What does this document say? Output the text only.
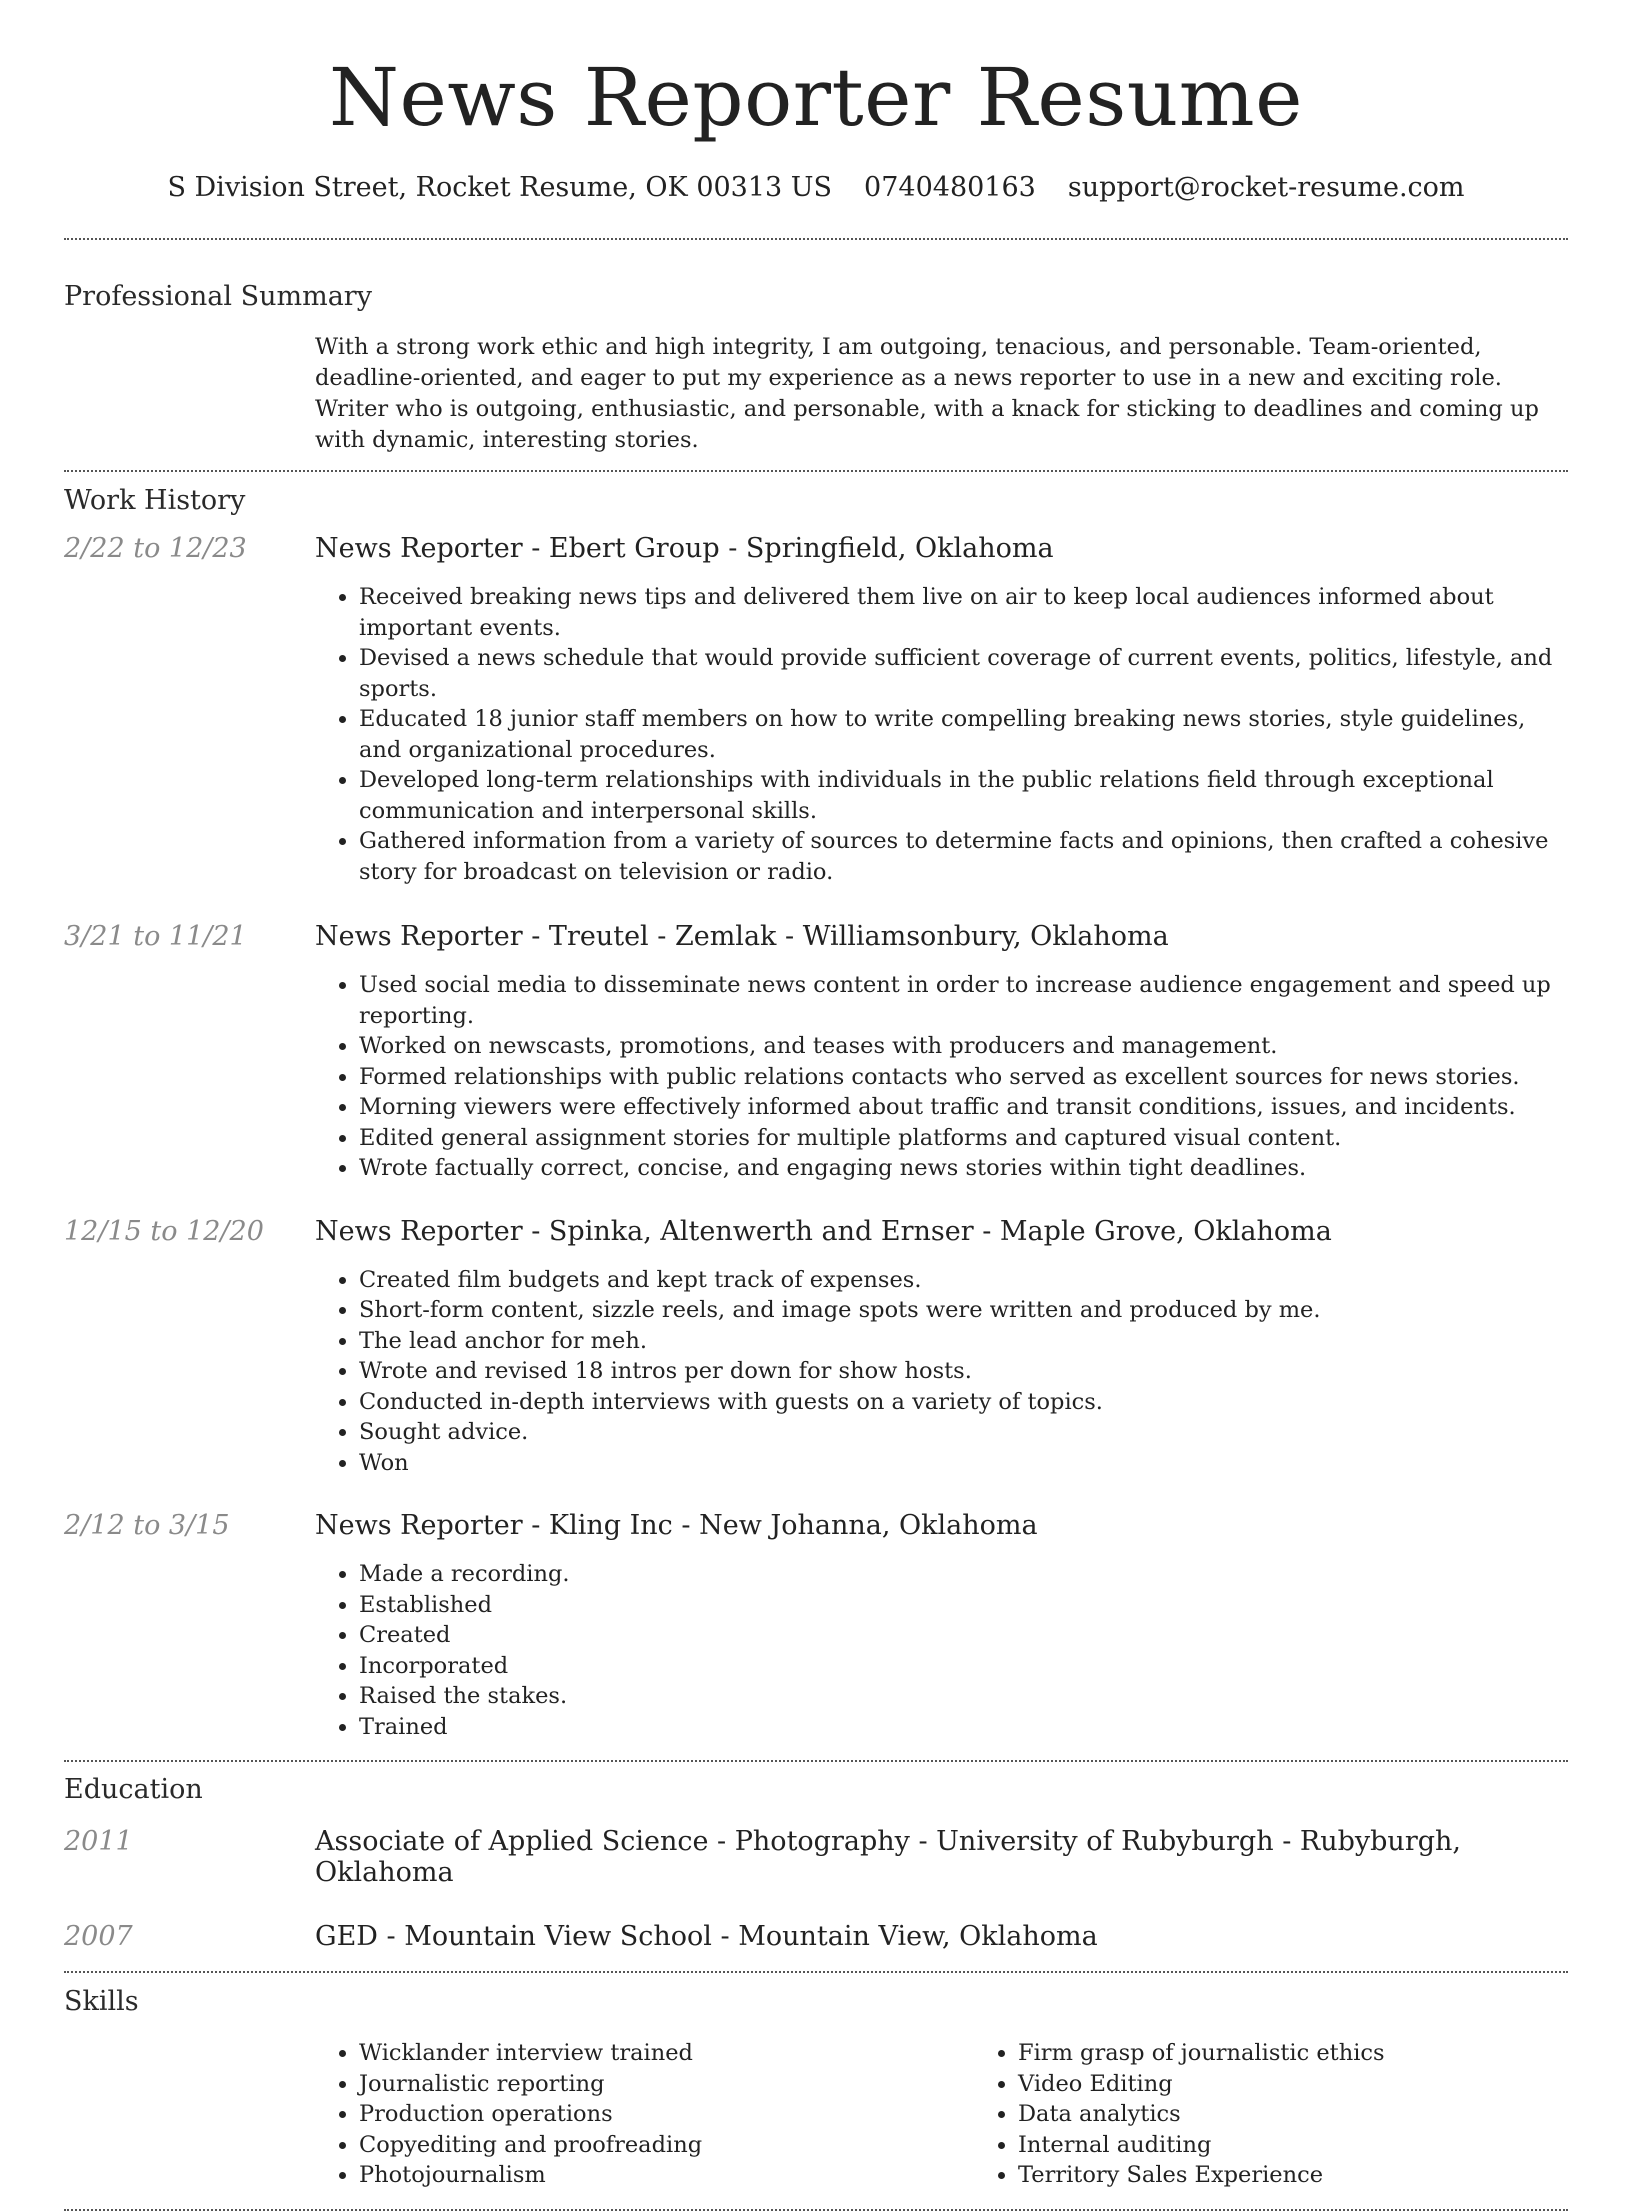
News Reporter Resume
S Division Street, Rocket Resume, OK 00313 US 0740480163 support@rocket-resume.com
Professional Summary

With a strong work ethic and high integrity, I am outgoing, tenacious, and personable. Team-oriented, deadline-oriented, and eager to put my experience as a news reporter to use in a new and exciting role. Writer who is outgoing, enthusiastic, and personable, with a knack for sticking to deadlines and coming up with dynamic, interesting stories.

Work History
2/22 to 12/23	News Reporter - Ebert Group - Springfield, Oklahoma

• Received breaking news tips and delivered them live on air to keep local audiences informed about important events.
• Devised a news schedule that would provide sufficient coverage of current events, politics, lifestyle, and sports.
• Educated 18 junior staff members on how to write compelling breaking news stories, style guidelines, and organizational procedures.
• Developed long-term relationships with individuals in the public relations field through exceptional communication and interpersonal skills.
• Gathered information from a variety of sources to determine facts and opinions, then crafted a cohesive story for broadcast on television or radio.
3/21 to 11/21	News Reporter - Treutel - Zemlak - Williamsonbury, Oklahoma

• Used social media to disseminate news content in order to increase audience engagement and speed up reporting.
• Worked on newscasts, promotions, and teases with producers and management.
• Formed relationships with public relations contacts who served as excellent sources for news stories.
• Morning viewers were effectively informed about traffic and transit conditions, issues, and incidents.
• Edited general assignment stories for multiple platforms and captured visual content.
• Wrote factually correct, concise, and engaging news stories within tight deadlines.
12/15 to 12/20	News Reporter - Spinka, Altenwerth and Ernser - Maple Grove, Oklahoma

• Created film budgets and kept track of expenses.
• Short-form content, sizzle reels, and image spots were written and produced by me.
• The lead anchor for meh.
• Wrote and revised 18 intros per down for show hosts.
• Conducted in-depth interviews with guests on a variety of topics.
• Sought advice.
• Won
2/12 to 3/15	News Reporter - Kling Inc - New Johanna, Oklahoma

• Made a recording.
• Established
• Created
• Incorporated
• Raised the stakes.
• Trained
Education
2011	Associate of Applied Science - Photography - University of Rubyburgh - Rubyburgh, Oklahoma

2007	GED - Mountain View School - Mountain View, Oklahoma

Skills
• Wicklander interview trained
• Journalistic reporting
• Production operations
• Copyediting and proofreading
• Photojournalism
• Firm grasp of journalistic ethics
• Video Editing
• Data analytics
• Internal auditing
• Territory Sales Experience
